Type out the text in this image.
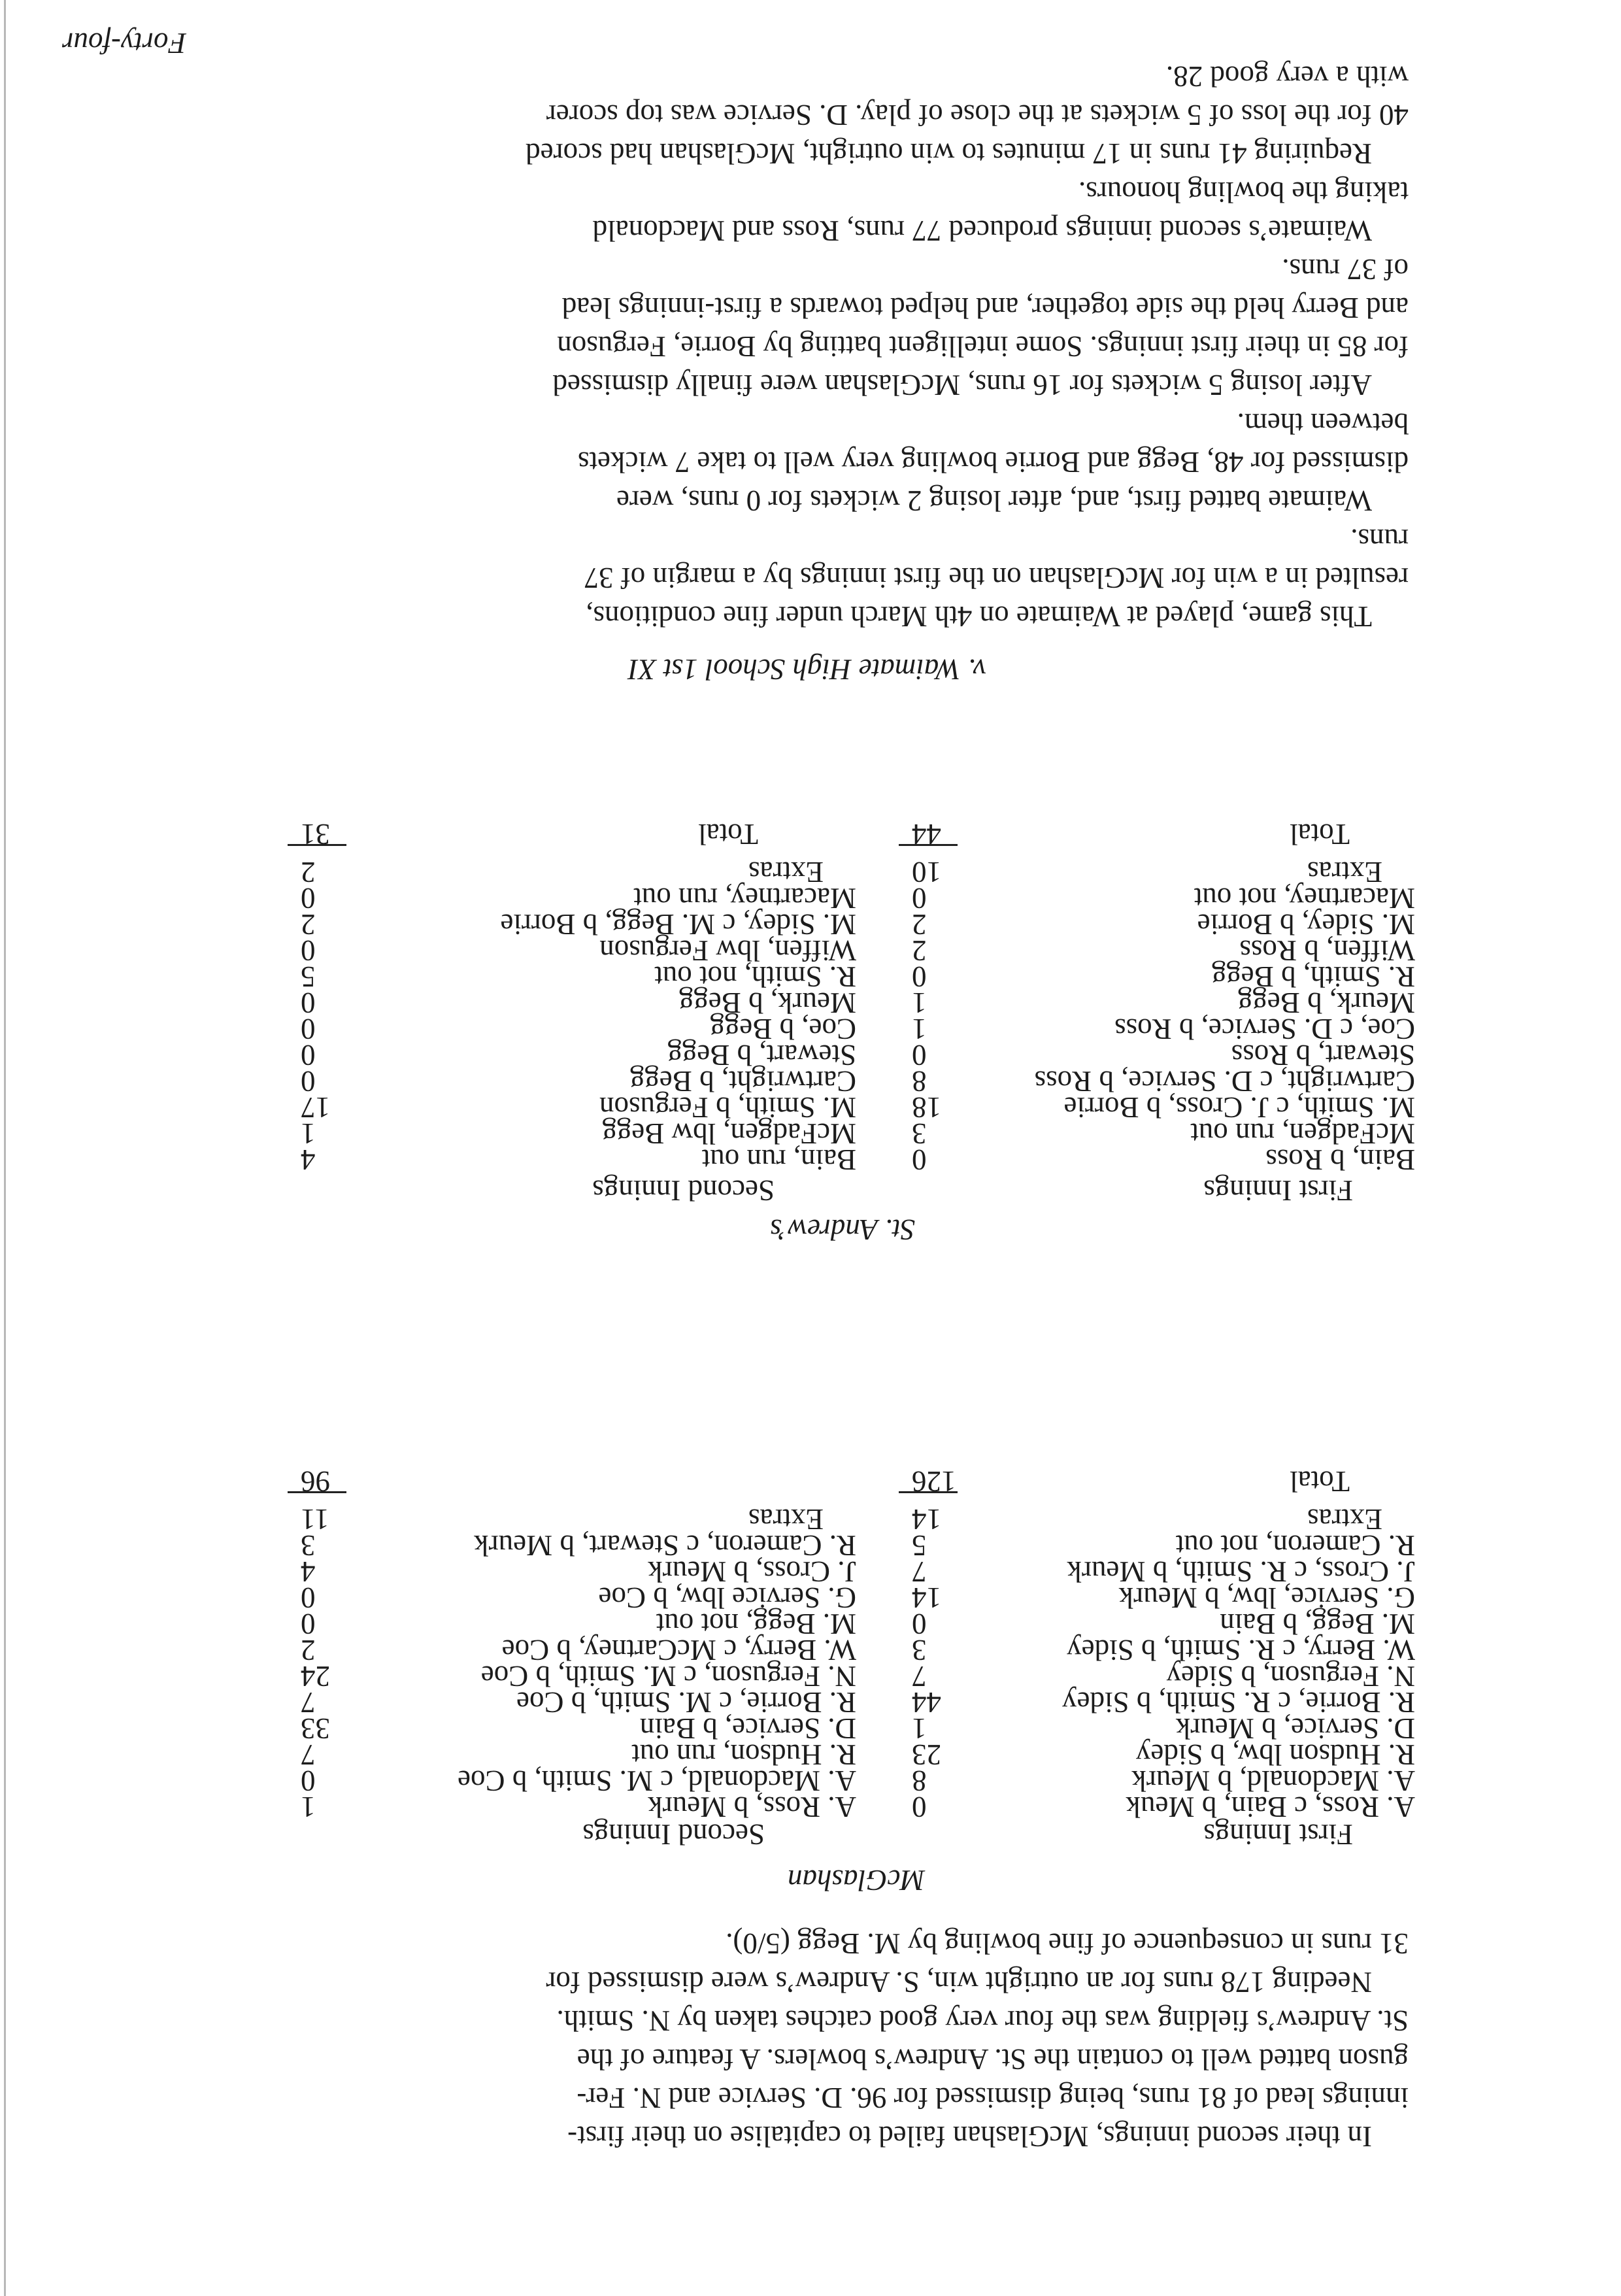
In their second innings, McGlashan failed to capitalise on their first-
innings lead of 81 runs, being dismissed for 96. D. Service and N. Fer-
guson batted well to contain the St. Andrew’s bowlers. A feature of the
St. Andrew’s fielding was the four very good catches taken by N. Smith.
Needing 178 runs for an outright win, S. Andrew’s were dismissed for
31 runs in consequence of fine bowling by M. Begg (5/0).
McGlashan
First Innings
Second Innings
A. Ross, c Bain, b Meuk
0
A. Macdonald, b Meurk
8
R. Hudson lbw, b Sidey
23
D. Service, b Meurk
1
R. Borrie, c R. Smith, b Sidey
44
N. Ferguson, b Sidey
7
W. Berry, c R. Smith, b Sidey
3
M. Begg, b Bain
0
G. Service, lbw, b Meurk
14
J. Cross, c R. Smith, b Meurk
7
R. Cameron, not out
5
Extras
14
Total
126
A. Ross, b Meurk
1
A. Macdonald, c M. Smith, b Coe
0
R. Hudson, run out
7
D. Service, b Bain
33
R. Borrie, c M. Smith, b Coe
7
N. Ferguson, c M. Smith, b Coe
24
W. Berry, c McCartney, b Coe
2
M. Begg, not out
0
G. Service lbw, b Coe
0
J. Cross, b Meurk
4
R. Cameron, c Stewart, b Meurk
3
Extras
11
96
St. Andrew’s
First Innings
Second Innings
Bain, b Ross
0
McFadgen, run out
3
M. Smith, c J. Cross, b Borrie
18
Cartwright, c D. Service, b Ross
8
Stewart, b Ross
0
Coe, c D. Service, b Ross
1
Meurk, b Begg
1
R. Smith, b Begg
0
Wiffen, b Ross
2
M. Sidey, b Borrie
2
Macartney, not out
0
Extras
10
Total
44
Bain, run out
4
McFadgen, lbw Begg
1
M. Smith, b Ferguson
17
Cartwright, b Begg
0
Stewart, b Begg
0
Coe, b Begg
0
Meurk, b Begg
0
R. Smith, not out
5
Wiffen, lbw Ferguson
0
M. Sidey, c M. Begg, b Borrie
2
Macartney, run out
0
Extras
2
Total
31
v. Waimate High School 1st XI
This game, played at Waimate on 4th March under fine conditions,
resulted in a win for McGlashan on the first innings by a margin of 37
runs.
Waimate batted first, and, after losing 2 wickets for 0 runs, were
dismissed for 48, Begg and Borrie bowling very well to take 7 wickets
between them.
After losing 5 wickets for 16 runs, McGlashan were finally dismissed
for 85 in their first innings. Some intelligent batting by Borrie, Ferguson
and Berry held the side together, and helped towards a first-innings lead
of 37 runs.
Waimate’s second innings produced 77 runs, Ross and Macdonald
taking the bowling honours.
Requiring 41 runs in 17 minutes to win outright, McGlashan had scored
40 for the loss of 5 wickets at the close of play. D. Service was top scorer
with a very good 28.
Forty-four
